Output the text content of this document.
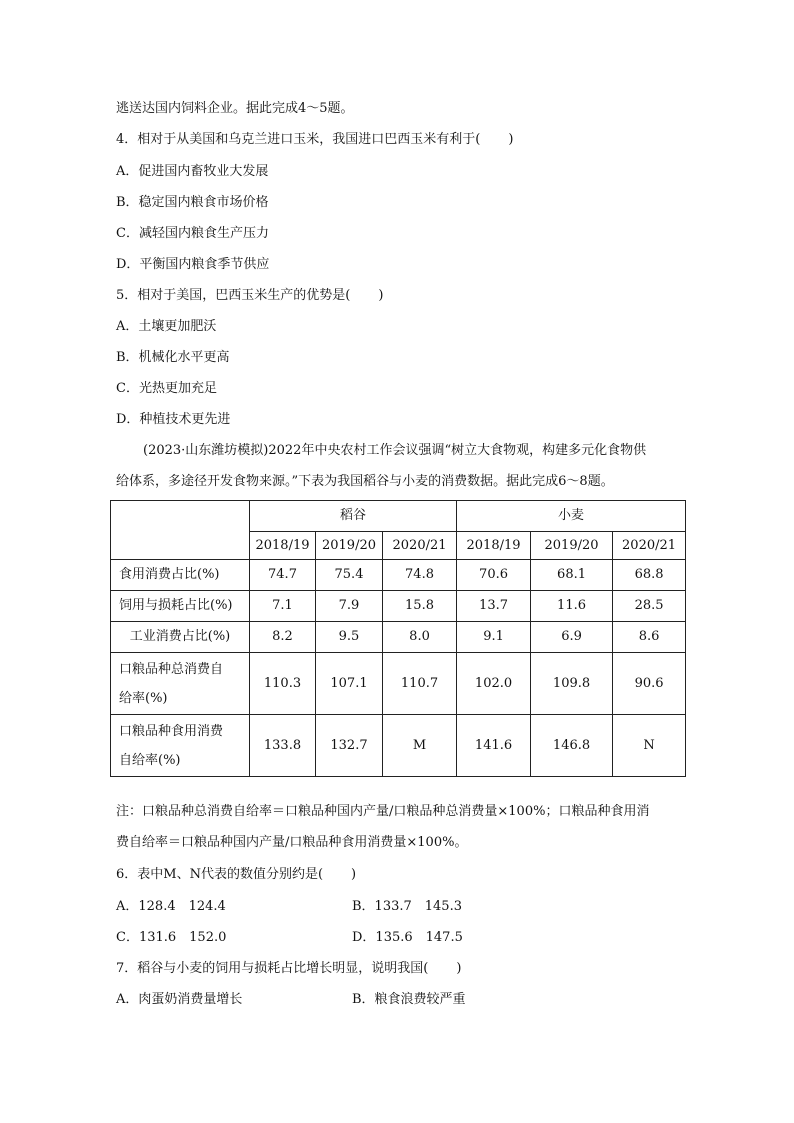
逃送达国内饲料企业。据此完成4～5题。
4．相对于从美国和乌克兰进口玉米，我国进口巴西玉米有利于( )
A．促进国内畜牧业大发展
B．稳定国内粮食市场价格
C．减轻国内粮食生产压力
D．平衡国内粮食季节供应
5．相对于美国，巴西玉米生产的优势是( )
A．土壤更加肥沃
B．机械化水平更高
C．光热更加充足
D．种植技术更先进
(2023·山东潍坊模拟)2022年中央农村工作会议强调“树立大食物观，构建多元化食物供
给体系，多途径开发食物来源。”下表为我国稻谷与小麦的消费数据。据此完成6～8题。
	稻谷			小麦		
	2018/19	2019/20	2020/21	2018/19	2019/20	2020/21
食用消费占比(%)	74.7	75.4	74.8	70.6	68.1	68.8
饲用与损耗占比(%)	7.1	7.9	15.8	13.7	11.6	28.5
工业消费占比(%)	8.2	9.5	8.0	9.1	6.9	8.6

口粮品种总消费自
给率(%)	110.3	107.1	110.7	102.0	109.8	90.6

口粮品种食用消费
自给率(%)	133.8	132.7	M	141.6	146.8	N
注：口粮品种总消费自给率＝口粮品种国内产量/口粮品种总消费量×100%；口粮品种食用消
费自给率＝口粮品种国内产量/口粮品种食用消费量×100%。
6．表中M、N代表的数值分别约是( )
A．128.4　124.4	B．133.7　145.3
C．131.6　152.0	D．135.6　147.5
7．稻谷与小麦的饲用与损耗占比增长明显，说明我国( )
A．肉蛋奶消费量增长	B．粮食浪费较严重
